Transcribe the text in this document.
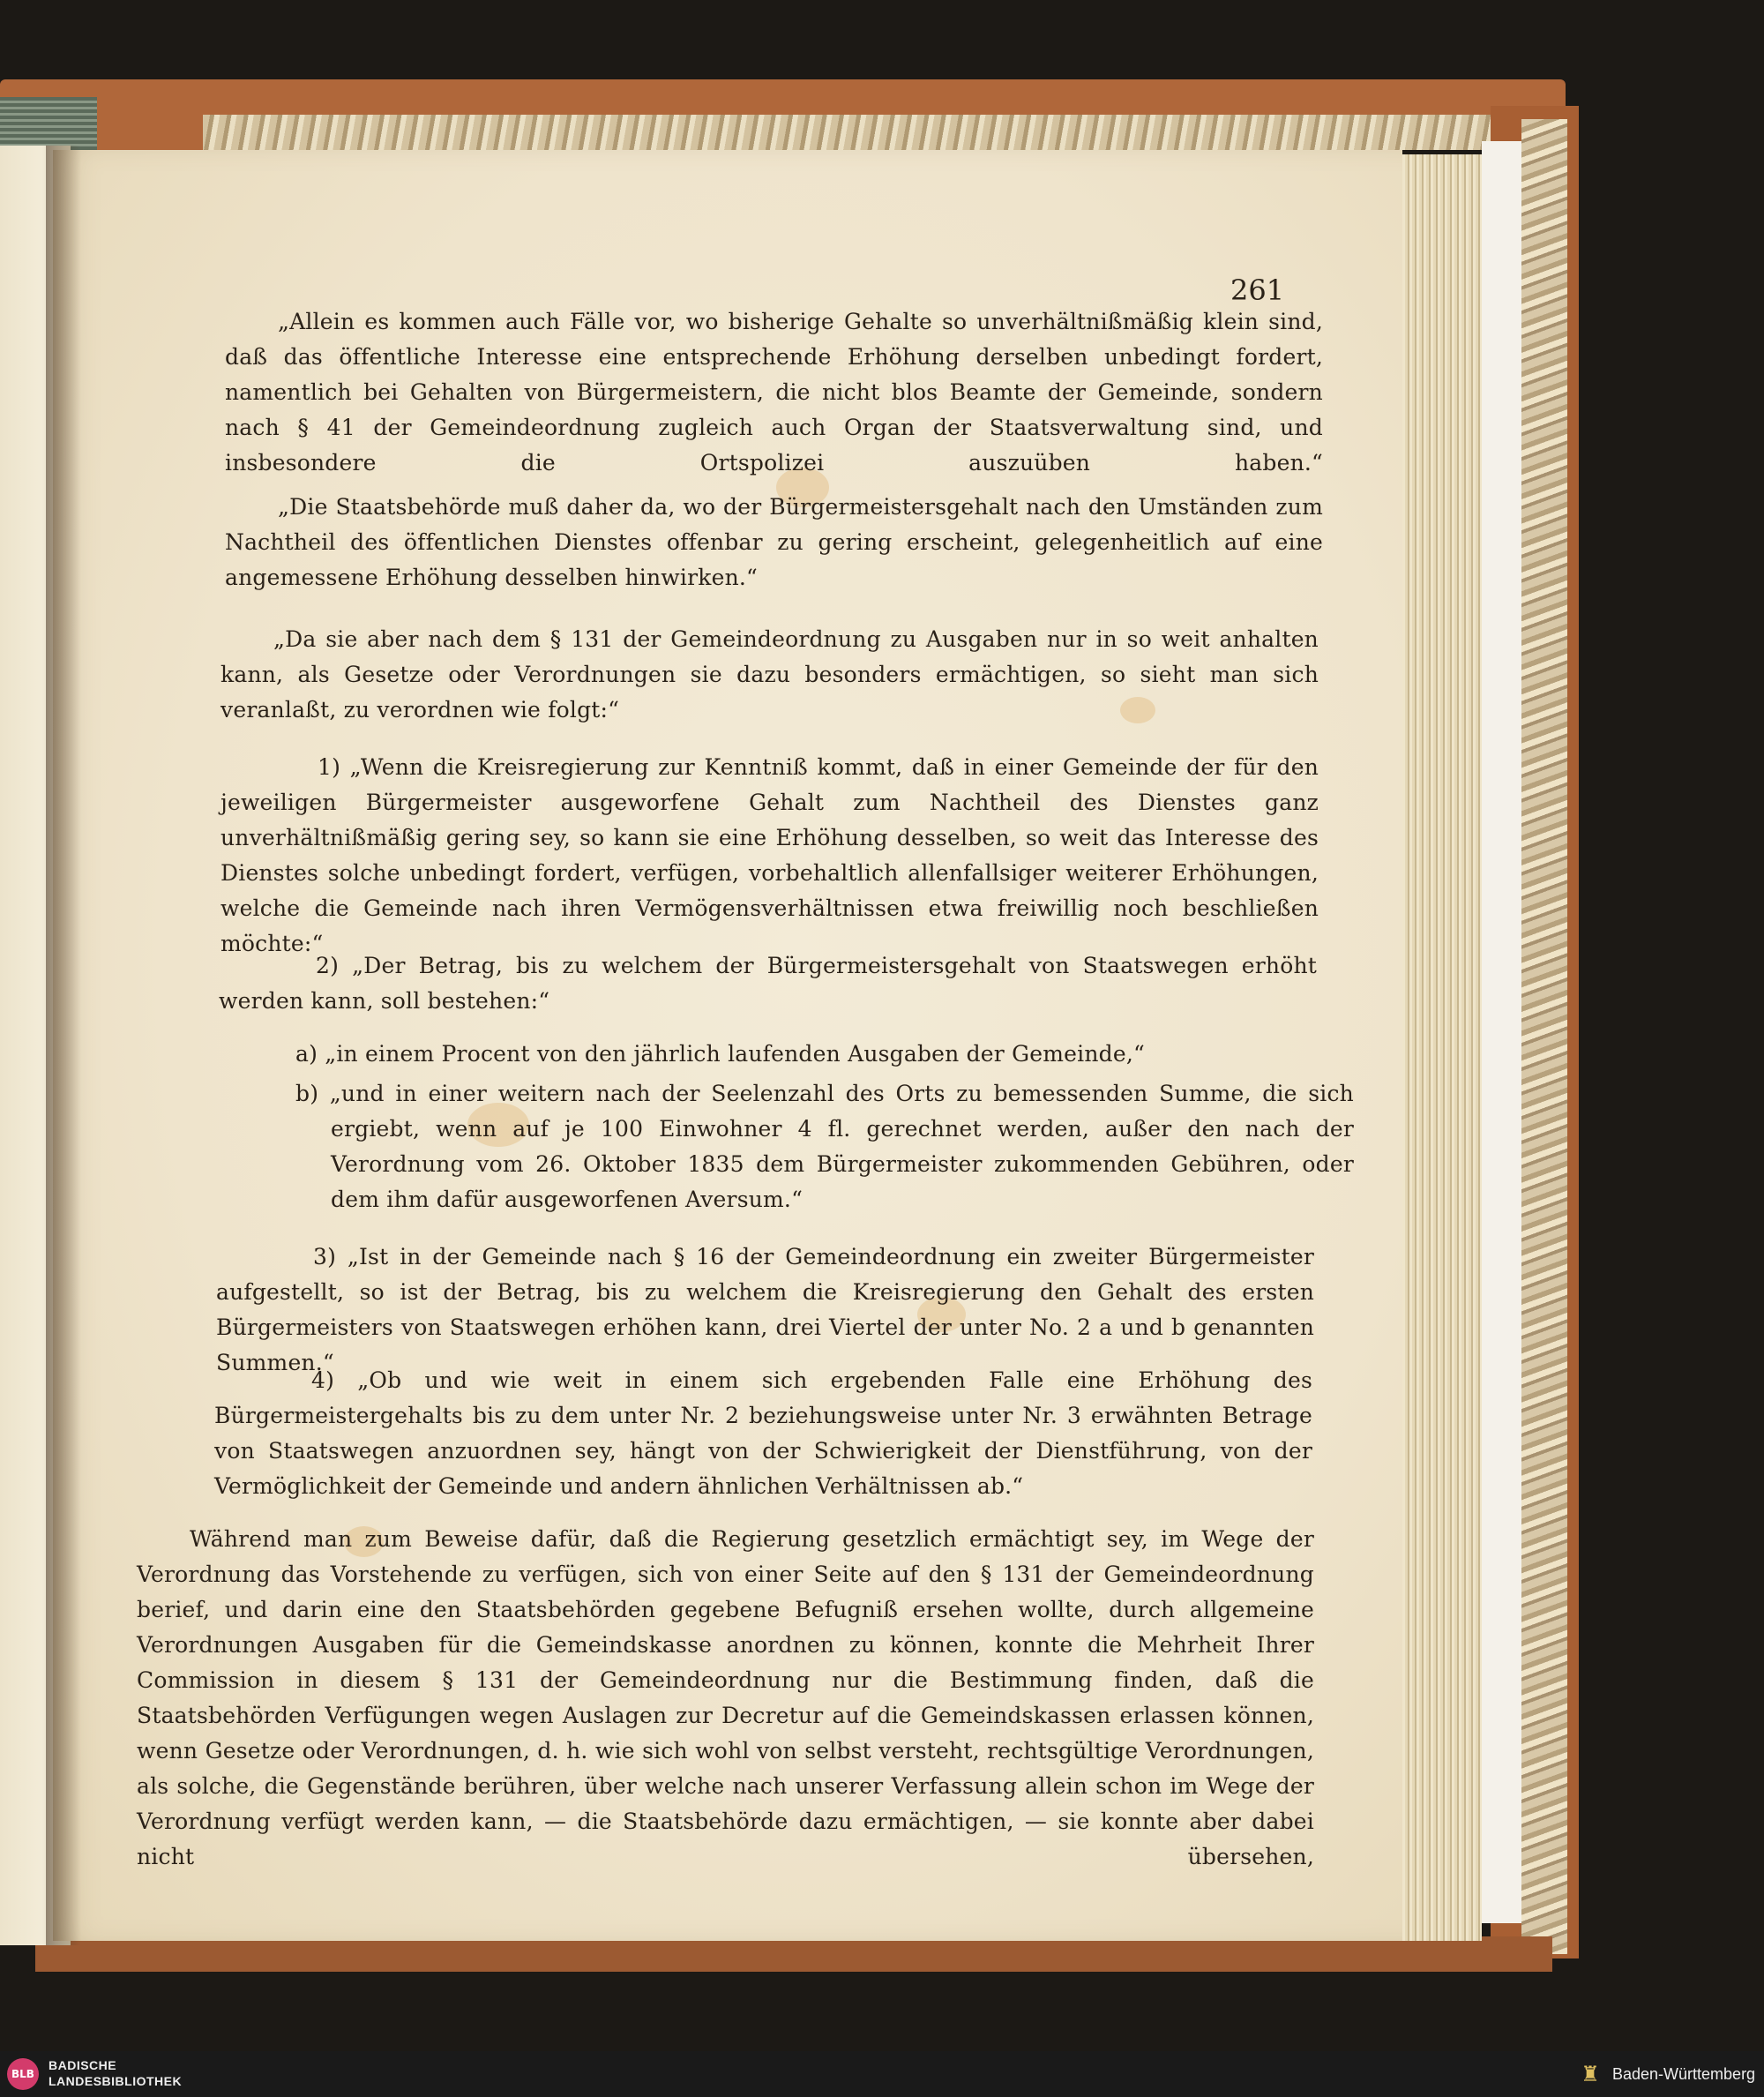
261

„Allein es kommen auch Fälle vor, wo bisherige Gehalte so unverhältnißmäßig klein sind, daß das öffentliche Interesse eine entsprechende Erhöhung derselben unbedingt fordert, namentlich bei Gehalten von Bürgermeistern, die nicht blos Beamte der Gemeinde, sondern nach § 41 der Gemeindeordnung zugleich auch Organ der Staatsverwaltung sind, und insbesondere die Ortspolizei auszuüben haben.“

„Die Staatsbehörde muß daher da, wo der Bürgermeistersgehalt nach den Umständen zum Nachtheil des öffentlichen Dienstes offenbar zu gering erscheint, gelegenheitlich auf eine angemessene Erhöhung desselben hinwirken.“

„Da sie aber nach dem § 131 der Gemeindeordnung zu Ausgaben nur in so weit anhalten kann, als Gesetze oder Verordnungen sie dazu besonders ermächtigen, so sieht man sich veranlaßt, zu verordnen wie folgt:“

1) „Wenn die Kreisregierung zur Kenntniß kommt, daß in einer Gemeinde der für den jeweiligen Bürgermeister ausgeworfene Gehalt zum Nachtheil des Dienstes ganz unverhältnißmäßig gering sey, so kann sie eine Erhöhung desselben, so weit das Interesse des Dienstes solche unbedingt fordert, verfügen, vorbehaltlich allenfallsiger weiterer Erhöhungen, welche die Gemeinde nach ihren Vermögensverhältnissen etwa freiwillig noch beschließen möchte:“

2) „Der Betrag, bis zu welchem der Bürgermeistersgehalt von Staatswegen erhöht werden kann, soll bestehen:“

a) „in einem Procent von den jährlich laufenden Ausgaben der Gemeinde,“

b) „und in einer weitern nach der Seelenzahl des Orts zu bemessenden Summe, die sich ergiebt, wenn auf je 100 Einwohner 4 fl. gerechnet werden, außer den nach der Verordnung vom 26. Oktober 1835 dem Bürgermeister zukommenden Gebühren, oder dem ihm dafür ausgeworfenen Aversum.“

3) „Ist in der Gemeinde nach § 16 der Gemeindeordnung ein zweiter Bürgermeister aufgestellt, so ist der Betrag, bis zu welchem die Kreisregierung den Gehalt des ersten Bürgermeisters von Staatswegen erhöhen kann, drei Viertel der unter No. 2 a und b genannten Summen.“

4) „Ob und wie weit in einem sich ergebenden Falle eine Erhöhung des Bürgermeistergehalts bis zu dem unter Nr. 2 beziehungsweise unter Nr. 3 erwähnten Betrage von Staatswegen anzuordnen sey, hängt von der Schwierigkeit der Dienstführung, von der Vermöglichkeit der Gemeinde und andern ähnlichen Verhältnissen ab.“

Während man zum Beweise dafür, daß die Regierung gesetzlich ermächtigt sey, im Wege der Verordnung das Vorstehende zu verfügen, sich von einer Seite auf den § 131 der Gemeindeordnung berief, und darin eine den Staatsbehörden gegebene Befugniß ersehen wollte, durch allgemeine Verordnungen Ausgaben für die Gemeindskasse anordnen zu können, konnte die Mehrheit Ihrer Commission in diesem § 131 der Gemeindeordnung nur die Bestimmung finden, daß die Staatsbehörden Verfügungen wegen Auslagen zur Decretur auf die Gemeindskassen erlassen können, wenn Gesetze oder Verordnungen, d. h. wie sich wohl von selbst versteht, rechtsgültige Verordnungen, als solche, die Gegenstände berühren, über welche nach unserer Verfassung allein schon im Wege der Verordnung verfügt werden kann, — die Staatsbehörde dazu ermächtigen, — sie konnte aber dabei nicht übersehen,

BLB
BADISCHE
LANDESBIBLIOTHEK	♜ Baden-Württemberg
